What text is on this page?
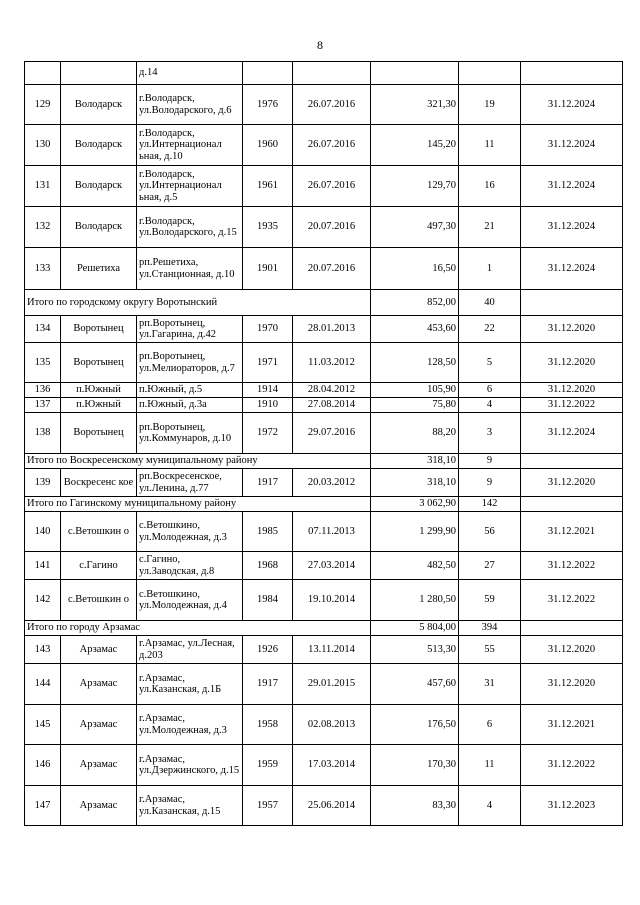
8
		д.14					
129	Володарск	г.Володарск, ул.Володарского, д.6	1976	26.07.2016	321,30	19	31.12.2024
130	Володарск	г.Володарск, ул.Интернационал ьная, д.10	1960	26.07.2016	145,20	11	31.12.2024
131	Володарск	г.Володарск, ул.Интернационал ьная, д.5	1961	26.07.2016	129,70	16	31.12.2024
132	Володарск	г.Володарск, ул.Володарского, д.15	1935	20.07.2016	497,30	21	31.12.2024
133	Решетиха	рп.Решетиха, ул.Станционная, д.10	1901	20.07.2016	16,50	1	31.12.2024
Итого по городскому округу Воротынский					852,00	40	
134	Воротынец	рп.Воротынец, ул.Гагарина, д.42	1970	28.01.2013	453,60	22	31.12.2020
135	Воротынец	рп.Воротынец, ул.Мелиораторов, д.7	1971	11.03.2012	128,50	5	31.12.2020
136	п.Южный	п.Южный, д.5	1914	28.04.2012	105,90	6	31.12.2020
137	п.Южный	п.Южный, д.3а	1910	27.08.2014	75,80	4	31.12.2022
138	Воротынец	рп.Воротынец, ул.Коммунаров, д.10	1972	29.07.2016	88,20	3	31.12.2024
Итого по Воскресенскому муниципальному району					318,10	9	
139	Воскресенс кое	рп.Воскресенское, ул.Ленина, д.77	1917	20.03.2012	318,10	9	31.12.2020
Итого по Гагинскому муниципальному району					3 062,90	142	
140	с.Ветошкин о	с.Ветошкино, ул.Молодежная, д.3	1985	07.11.2013	1 299,90	56	31.12.2021
141	с.Гагино	с.Гагино, ул.Заводская, д.8	1968	27.03.2014	482,50	27	31.12.2022
142	с.Ветошкин о	с.Ветошкино, ул.Молодежная, д.4	1984	19.10.2014	1 280,50	59	31.12.2022
Итого по городу Арзамас					5 804,00	394	
143	Арзамас	г.Арзамас, ул.Лесная, д.203	1926	13.11.2014	513,30	55	31.12.2020
144	Арзамас	г.Арзамас, ул.Казанская, д.1Б	1917	29.01.2015	457,60	31	31.12.2020
145	Арзамас	г.Арзамас, ул.Молодежная, д.3	1958	02.08.2013	176,50	6	31.12.2021
146	Арзамас	г.Арзамас, ул.Дзержинского, д.15	1959	17.03.2014	170,30	11	31.12.2022
147	Арзамас	г.Арзамас, ул.Казанская, д.15	1957	25.06.2014	83,30	4	31.12.2023
